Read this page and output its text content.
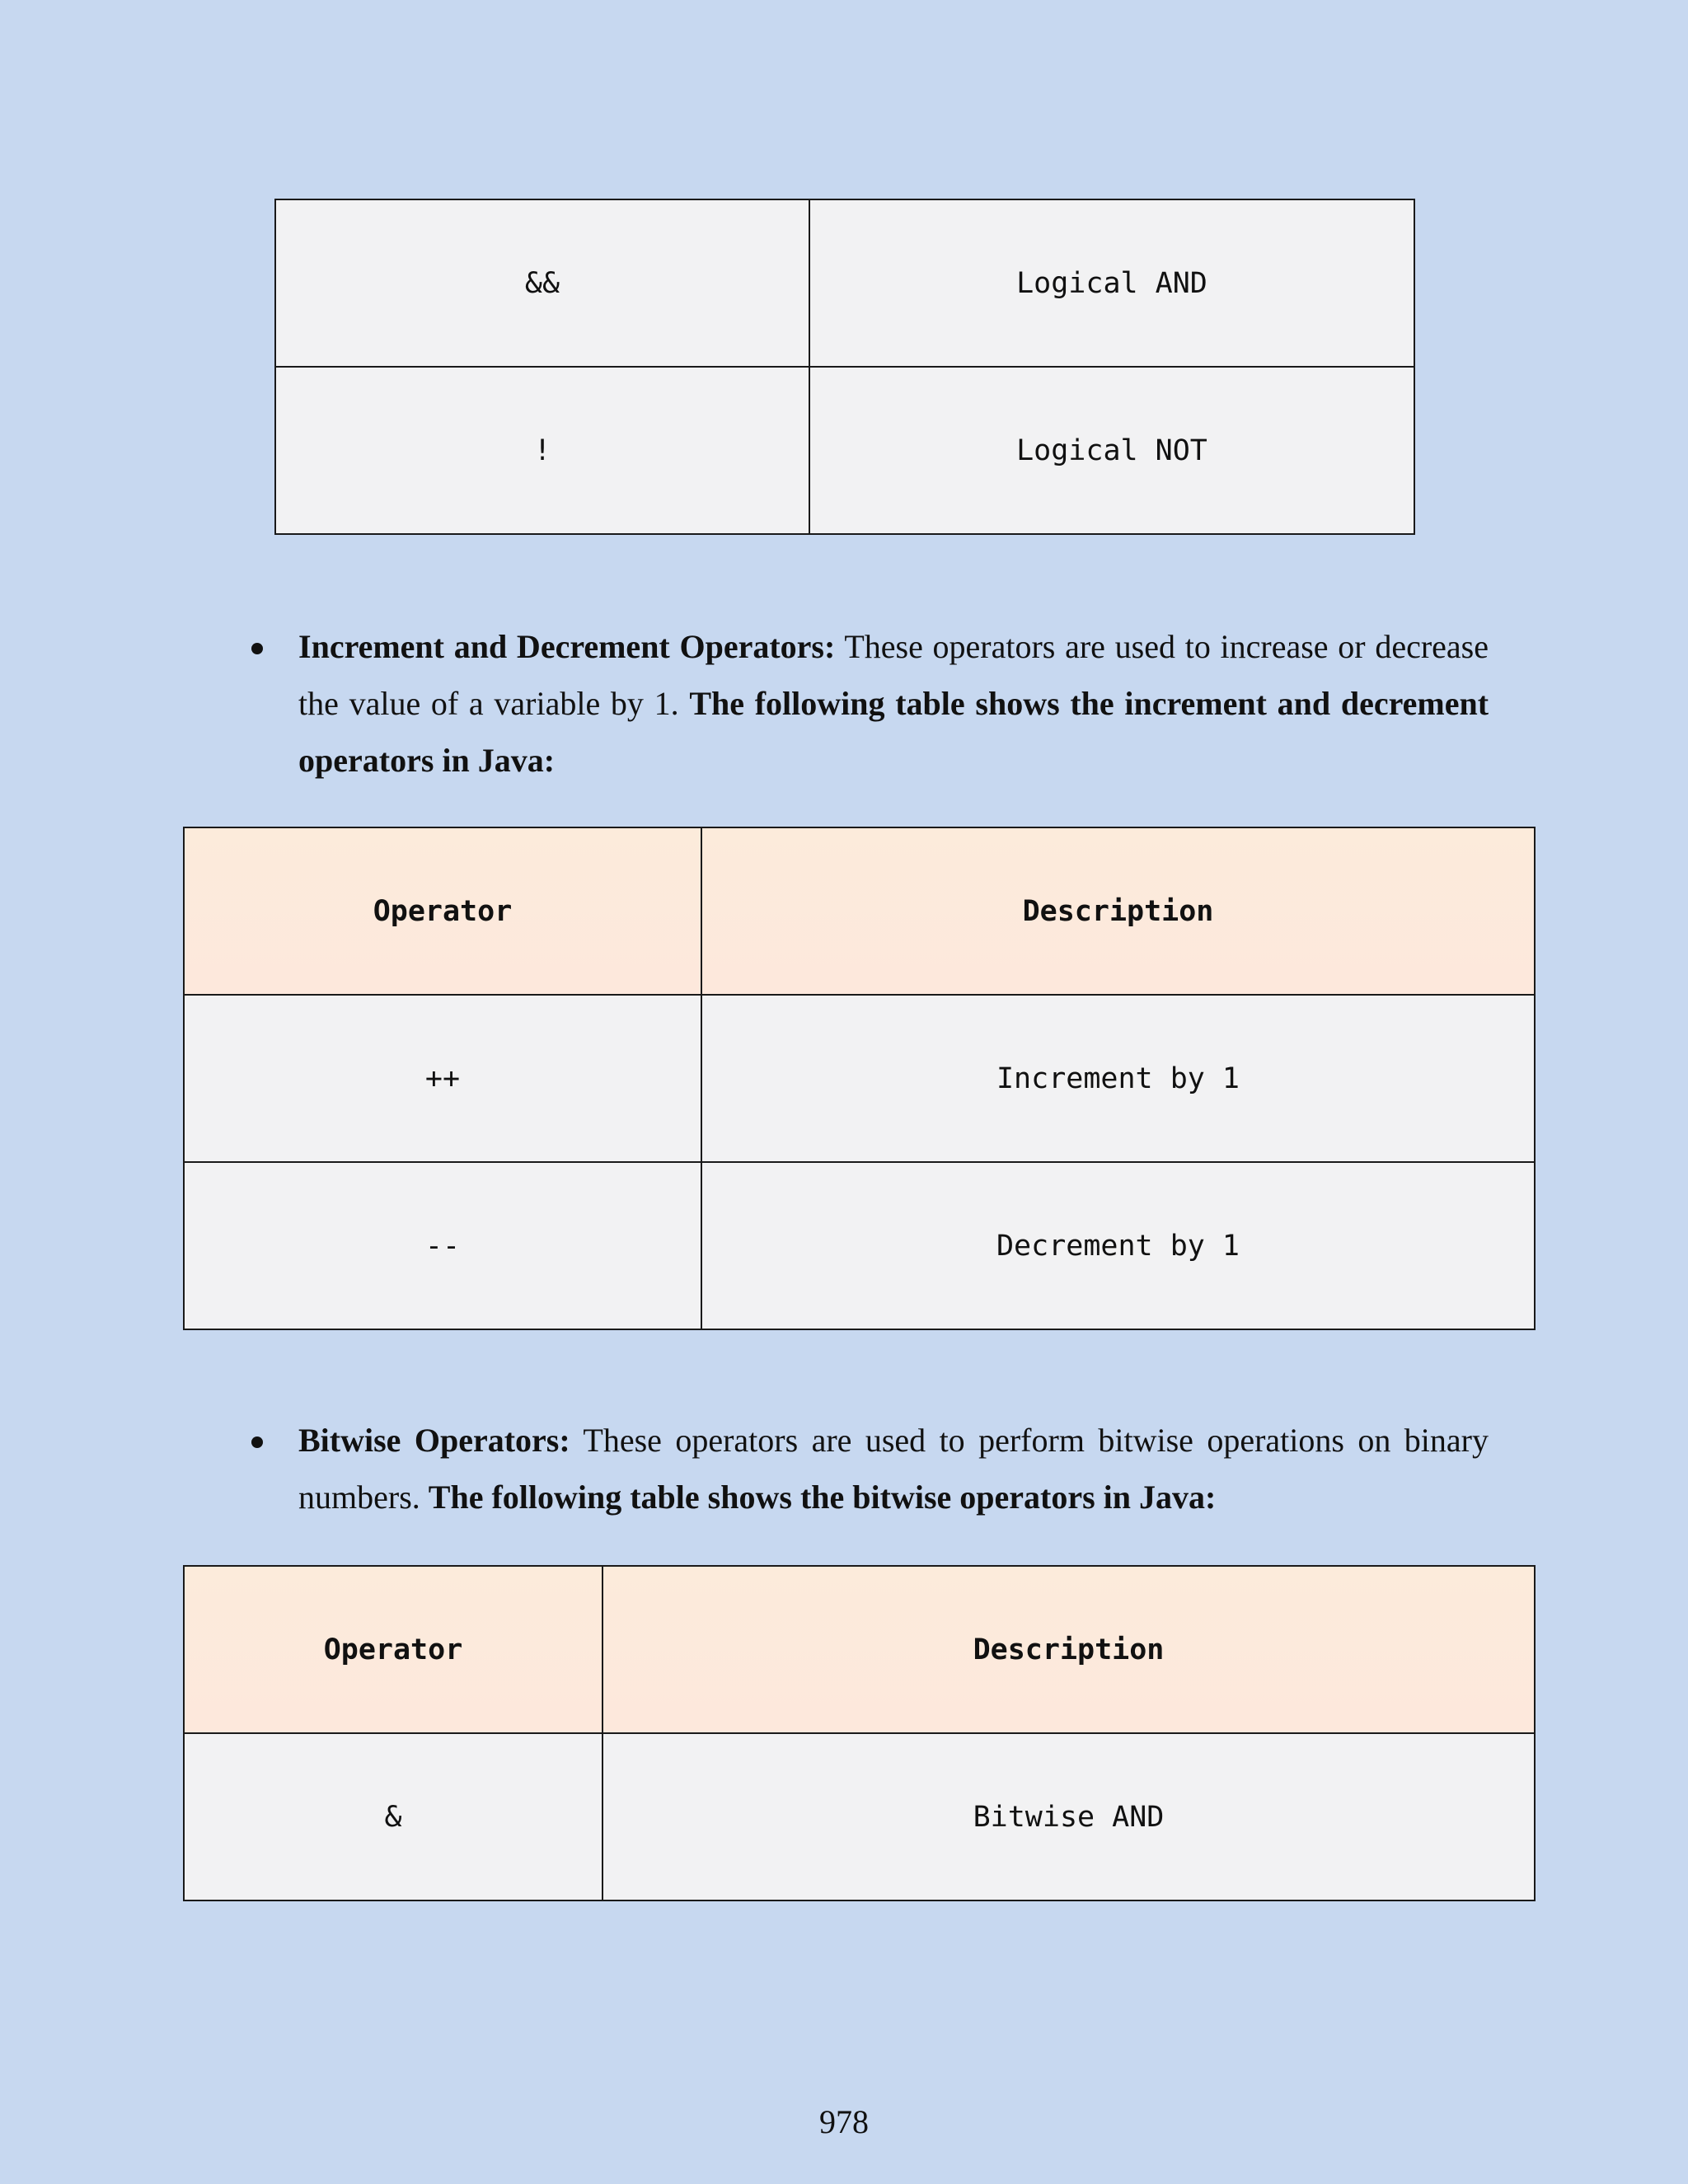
&&	Logical AND
!	Logical NOT

Increment and Decrement Operators: These operators are used to increase or decrease the value of a variable by 1. The following table shows the increment and decrement operators in Java:

Operator	Description
++	Increment by 1
--	Decrement by 1

Bitwise Operators: These operators are used to perform bitwise operations on binary numbers. The following table shows the bitwise operators in Java:

Operator	Description
&	Bitwise AND
978
